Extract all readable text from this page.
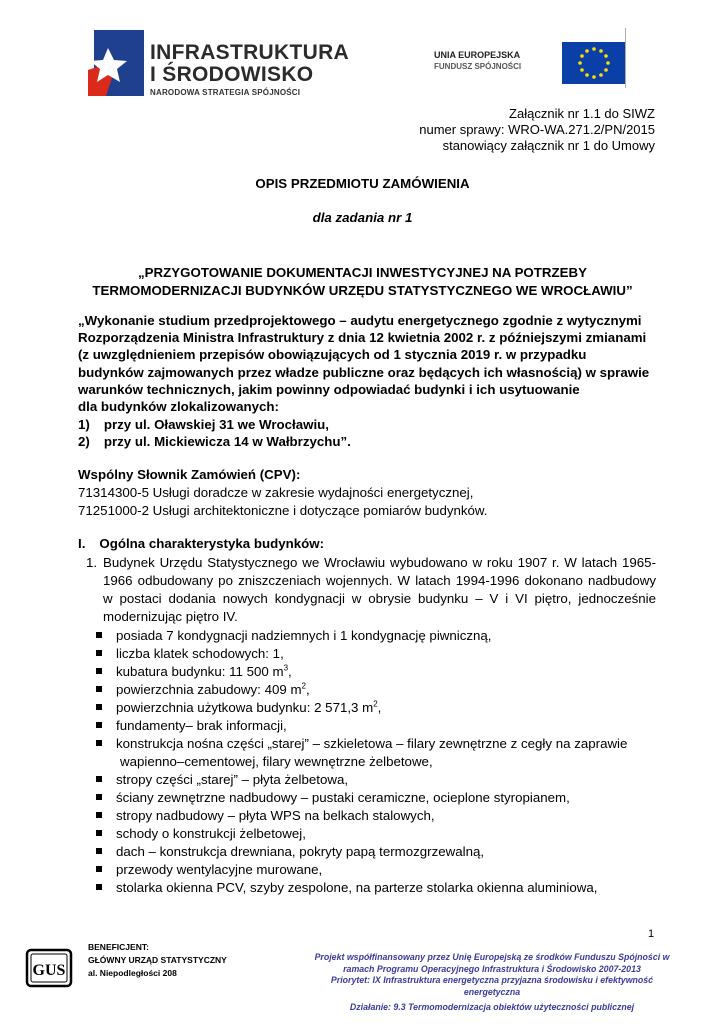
INFRASTRUKTURA
I ŚRODOWISKO
NARODOWA STRATEGIA SPÓJNOŚCI
UNIA EUROPEJSKA
FUNDUSZ SPÓJNOŚCI
Załącznik nr 1.1 do SIWZ
numer sprawy: WRO-WA.271.2/PN/2015
stanowiący załącznik nr 1 do Umowy
OPIS PRZEDMIOTU ZAMÓWIENIA
dla zadania nr 1
„PRZYGOTOWANIE DOKUMENTACJI INWESTYCYJNEJ NA POTRZEBY
TERMOMODERNIZACJI BUDYNKÓW URZĘDU STATYSTYCZNEGO WE WROCŁAWIU”
„Wykonanie studium przedprojektowego – audytu energetycznego zgodnie z wytycznymi
Rozporządzenia Ministra Infrastruktury z dnia 12 kwietnia 2002 r. z późniejszymi zmianami
(z uwzględnieniem przepisów obowiązujących od 1 stycznia 2019 r. w przypadku
budynków zajmowanych przez władze publiczne oraz będących ich własnością) w sprawie
warunków technicznych, jakim powinny odpowiadać budynki i ich usytuowanie
dla budynków zlokalizowanych:
1) przy ul. Oławskiej 31 we Wrocławiu,
2) przy ul. Mickiewicza 14 w Wałbrzychu”.
Wspólny Słownik Zamówień (CPV):
71314300-5 Usługi doradcze w zakresie wydajności energetycznej,
71251000-2 Usługi architektoniczne i dotyczące pomiarów budynków.
I. Ogólna charakterystyka budynków:
1. Budynek Urzędu Statystycznego we Wrocławiu wybudowano w roku 1907 r. W latach 1965-
1966 odbudowany po zniszczeniach wojennych. W latach 1994-1996 dokonano nadbudowy
w postaci dodania nowych kondygnacji w obrysie budynku – V i VI piętro, jednocześnie
modernizując piętro IV.
posiada 7 kondygnacji nadziemnych i 1 kondygnację piwniczną,
liczba klatek schodowych: 1,
kubatura budynku: 11 500 $m^3$,
powierzchnia zabudowy: 409 $m^2$,
powierzchnia użytkowa budynku: 2 571,3 $m^2$,
fundamenty– brak informacji,
konstrukcja nośna części „starej” – szkieletowa – filary zewnętrzne z cegły na zaprawie
wapienno–cementowej, filary wewnętrzne żelbetowe,
stropy części „starej” – płyta żelbetowa,
ściany zewnętrzne nadbudowy – pustaki ceramiczne, ocieplone styropianem,
stropy nadbudowy – płyta WPS na belkach stalowych,
schody o konstrukcji żelbetowej,
dach – konstrukcja drewniana, pokryty papą termozgrzewalną,
przewody wentylacyjne murowane,
stolarka okienna PCV, szyby zespolone, na parterze stolarka okienna aluminiowa,
1
GUS
BENEFICJENT:
GŁÓWNY URZĄD STATYSTYCZNY
al. Niepodległości 208
Projekt współfinansowany przez Unię Europejską ze środków Funduszu Spójności w
ramach Programu Operacyjnego Infrastruktura i Środowisko 2007-2013
Priorytet: IX Infrastruktura energetyczna przyjazna środowisku i efektywność
energetyczna
Działanie: 9.3 Termomodernizacja obiektów użyteczności publicznej
